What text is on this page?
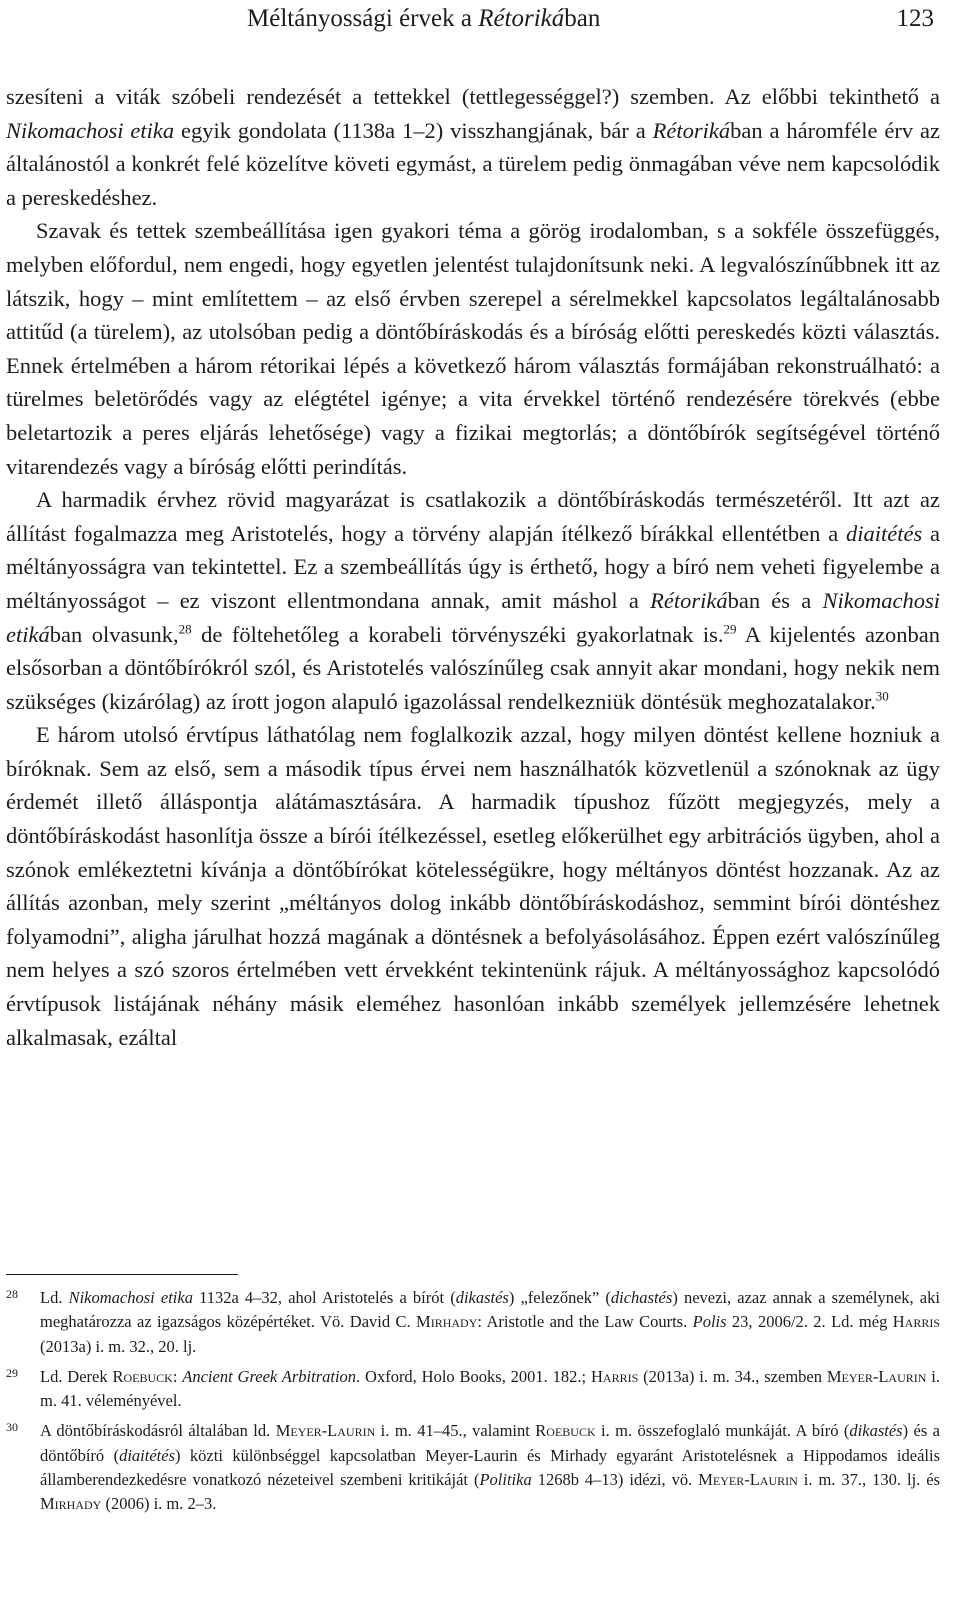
Méltányossági érvek a Rétorikában	123

szesíteni a viták szóbeli rendezését a tettekkel (tettlegességgel?) szemben. Az előbbi tekinthető a Nikomachosi etika egyik gondolata (1138a 1–2) visszhangjának, bár a Rétorikában a háromféle érv az általánostól a konkrét felé közelítve követi egymást, a türelem pedig önmagában véve nem kapcsolódik a pereskedéshez.

Szavak és tettek szembeállítása igen gyakori téma a görög irodalomban, s a sokféle összefüggés, melyben előfordul, nem engedi, hogy egyetlen jelentést tulajdonítsunk neki. A legvalószínűbbnek itt az látszik, hogy – mint említettem – az első érvben szerepel a sérelmekkel kapcsolatos legáltalánosabb attitűd (a türelem), az utolsóban pedig a döntőbíráskodás és a bíróság előtti pereskedés közti választás. Ennek értelmében a három rétorikai lépés a következő három választás formájában rekonstruálható: a türelmes beletörődés vagy az elégtétel igénye; a vita érvekkel történő rendezésére törekvés (ebbe beletartozik a peres eljárás lehetősége) vagy a fizikai megtorlás; a döntőbírók segítségével történő vitarendezés vagy a bíróság előtti perindítás.

A harmadik érvhez rövid magyarázat is csatlakozik a döntőbíráskodás természetéről. Itt azt az állítást fogalmazza meg Aristotelés, hogy a törvény alapján ítélkező bírákkal ellentétben a diaitétés a méltányosságra van tekintettel. Ez a szembeállítás úgy is érthető, hogy a bíró nem veheti figyelembe a méltányosságot – ez viszont ellentmondana annak, amit máshol a Rétorikában és a Nikomachosi etikában olvasunk,$^{28}$ de föltehetőleg a korabeli törvényszéki gyakorlatnak is.$^{29}$ A kijelentés azonban elsősorban a döntőbírókról szól, és Aristotelés valószínűleg csak annyit akar mondani, hogy nekik nem szükséges (kizárólag) az írott jogon alapuló igazolással rendelkezniük döntésük meghozatalakor.$^{30}$

E három utolsó érvtípus láthatólag nem foglalkozik azzal, hogy milyen döntést kellene hozniuk a bíróknak. Sem az első, sem a második típus érvei nem használhatók közvetlenül a szónoknak az ügy érdemét illető álláspontja alátámasztására. A harmadik típushoz fűzött megjegyzés, mely a döntőbíráskodást hasonlítja össze a bírói ítélkezéssel, esetleg előkerülhet egy arbitrációs ügyben, ahol a szónok emlékeztetni kívánja a döntőbírókat kötelességükre, hogy méltányos döntést hozzanak. Az az állítás azonban, mely szerint „méltányos dolog inkább döntőbíráskodáshoz, semmint bírói döntéshez folyamodni”, aligha járulhat hozzá magának a döntésnek a befolyásolásához. Éppen ezért valószínűleg nem helyes a szó szoros értelmében vett érvekként tekintenünk rájuk. A méltányossághoz kapcsolódó érvtípusok listájának néhány másik eleméhez hasonlóan inkább személyek jellemzésére lehetnek alkalmasak, ezáltal

28 Ld. Nikomachosi etika 1132a 4–32, ahol Aristotelés a bírót (dikastés) „felezőnek” (dichastés) nevezi, azaz annak a személynek, aki meghatározza az igazságos középértéket. Vö. David C. Mirhady: Aristotle and the Law Courts. Polis 23, 2006/2. 2. Ld. még Harris (2013a) i. m. 32., 20. lj.
29 Ld. Derek Roebuck: Ancient Greek Arbitration. Oxford, Holo Books, 2001. 182.; Harris (2013a) i. m. 34., szemben Meyer-Laurin i. m. 41. véleményével.
30 A döntőbíráskodásról általában ld. Meyer-Laurin i. m. 41–45., valamint Roebuck i. m. összefoglaló munkáját. A bíró (dikastés) és a döntőbíró (diaitétés) közti különbséggel kapcsolatban Meyer-Laurin és Mirhady egyaránt Aristotelésnek a Hippodamos ideális államberendezkedésre vonatkozó nézeteivel szembeni kritikáját (Politika 1268b 4–13) idézi, vö. Meyer-Laurin i. m. 37., 130. lj. és Mirhady (2006) i. m. 2–3.
